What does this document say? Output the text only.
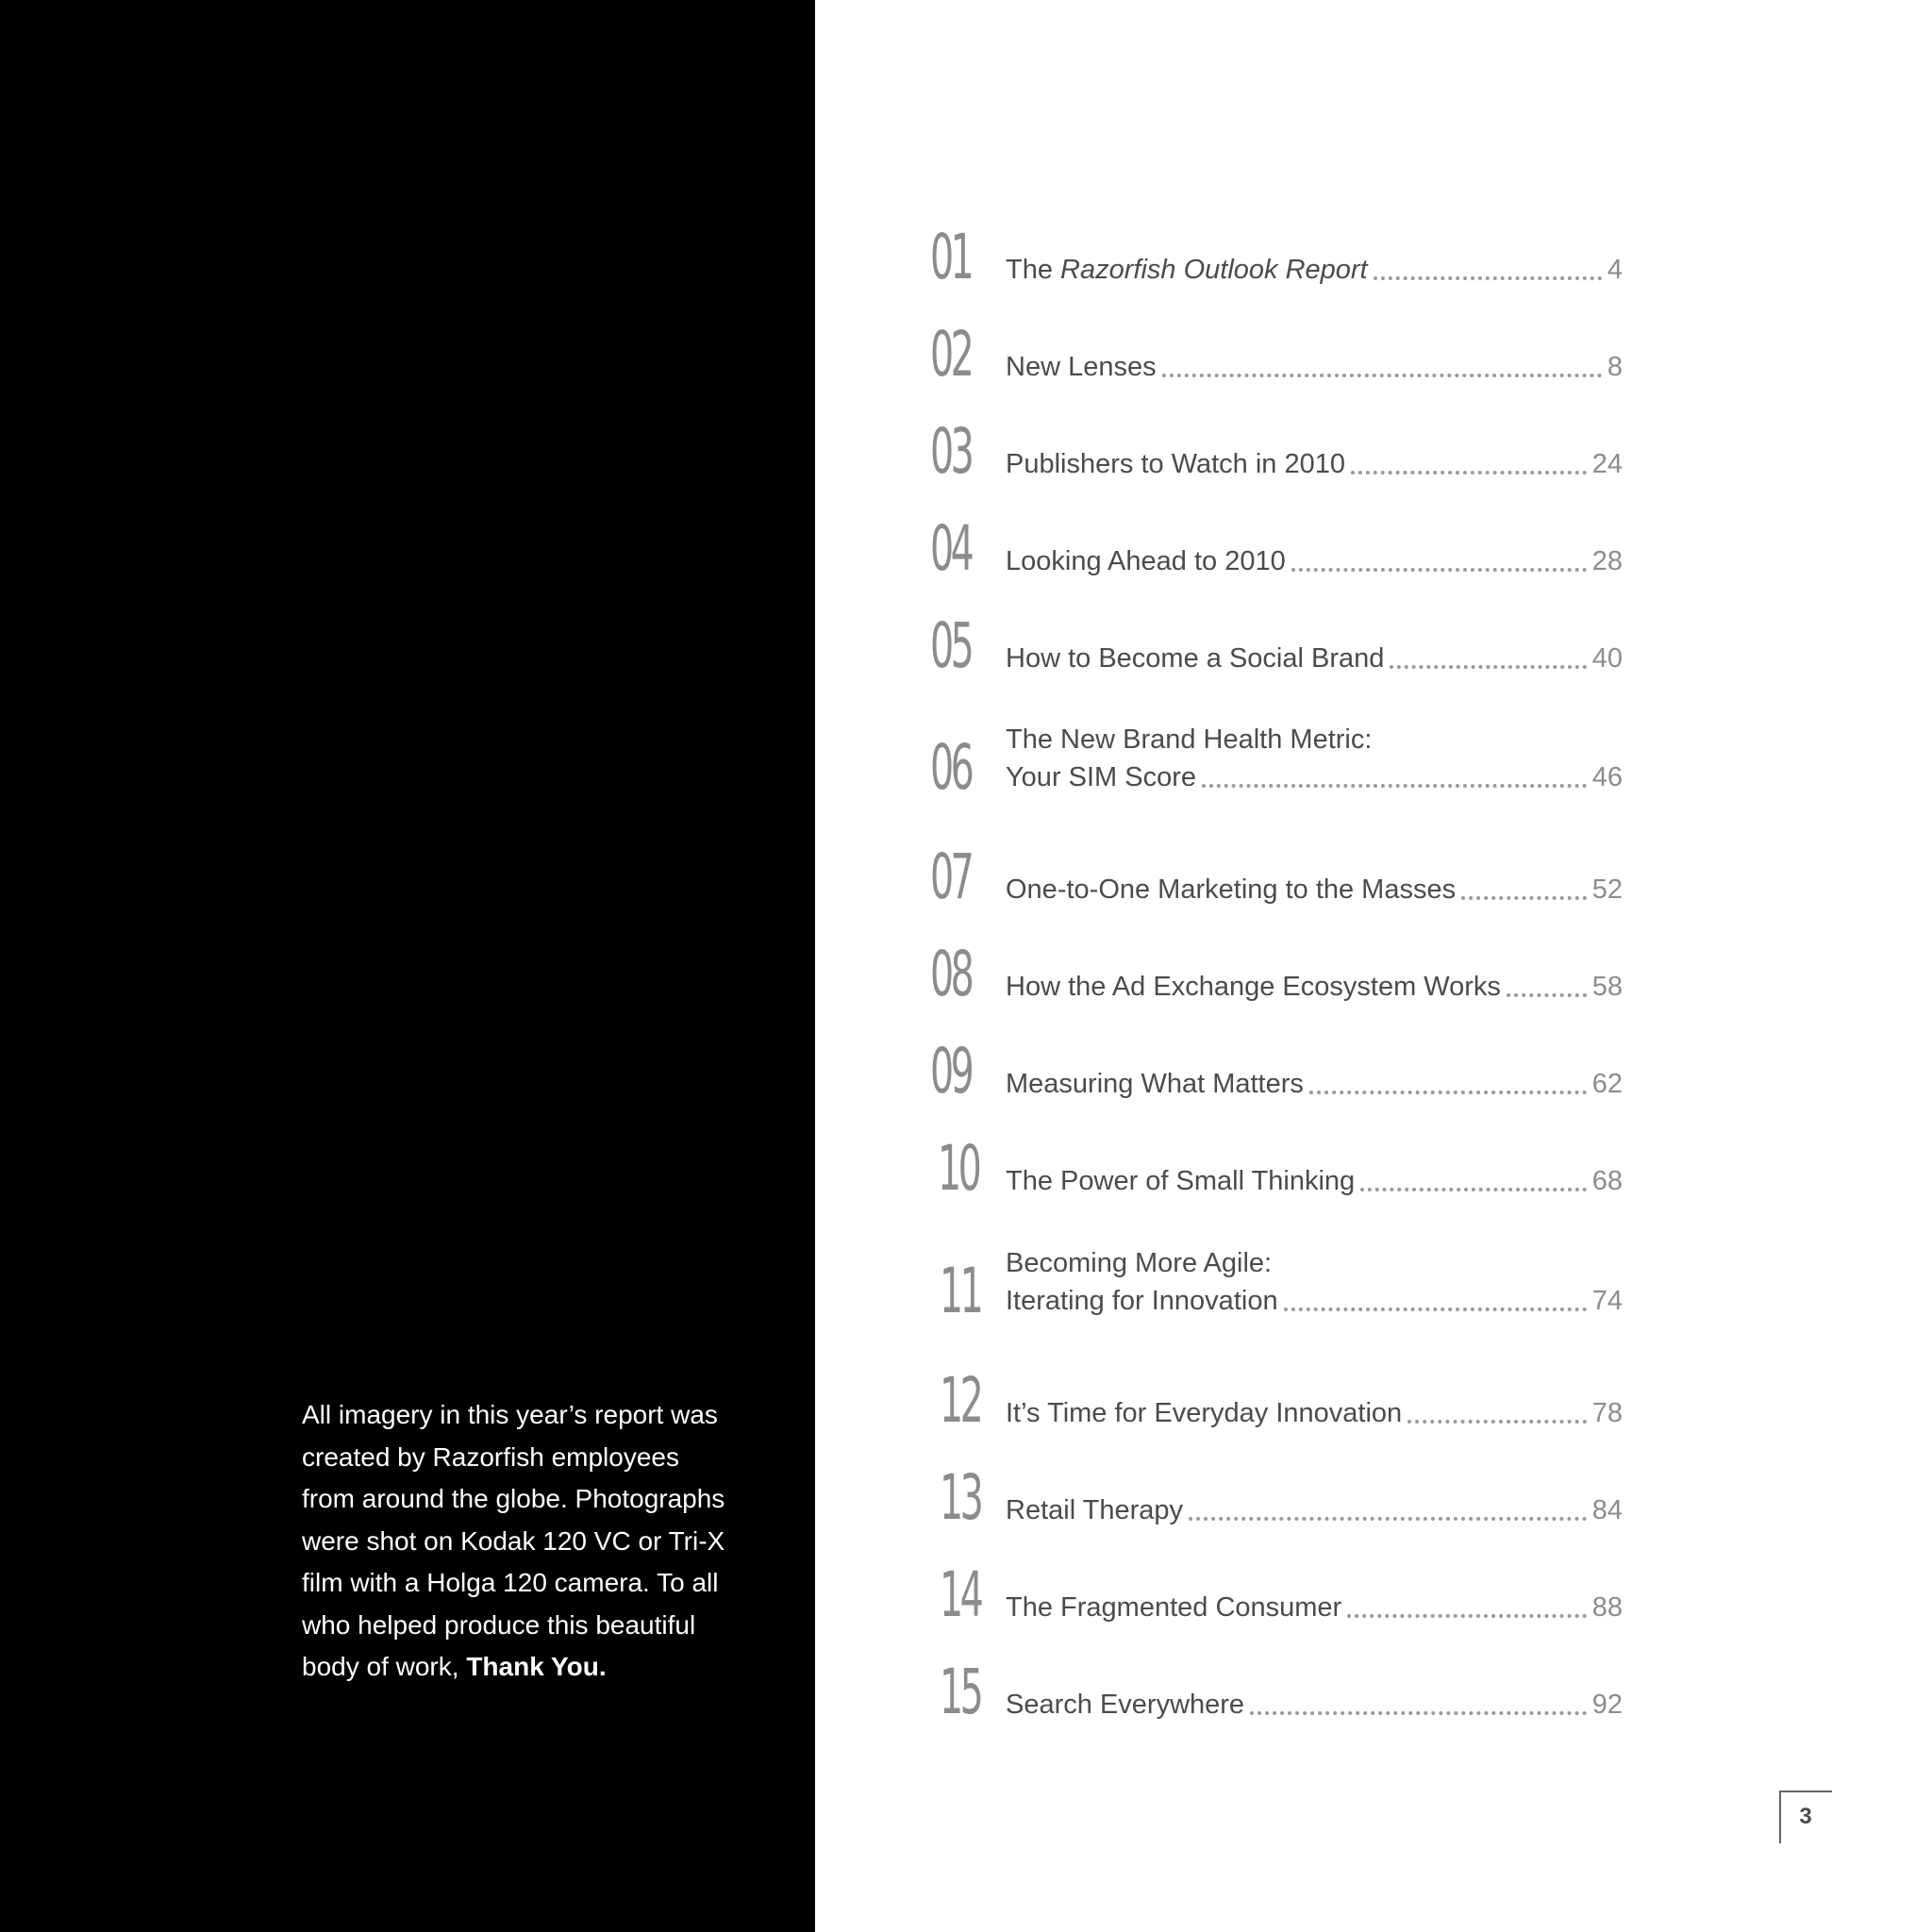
All imagery in this year’s report was
created by Razorfish employees
from around the globe. Photographs
were shot on Kodak 120 VC or Tri-X
film with a Holga 120 camera. To all
who helped produce this beautiful
body of work, Thank You.
01 The Razorfish Outlook Report	4
02 New Lenses	8
03 Publishers to Watch in 2010	24
04 Looking Ahead to 2010	28
05 How to Become a Social Brand	40
06 The New Brand Health Metric:
Your SIM Score	46
07 One-to-One Marketing to the Masses	52
08 How the Ad Exchange Ecosystem Works	58
09 Measuring What Matters	62
10 The Power of Small Thinking	68
11 Becoming More Agile:
Iterating for Innovation	74
12 It’s Time for Everyday Innovation	78
13 Retail Therapy	84
14 The Fragmented Consumer	88
15 Search Everywhere	92
3
